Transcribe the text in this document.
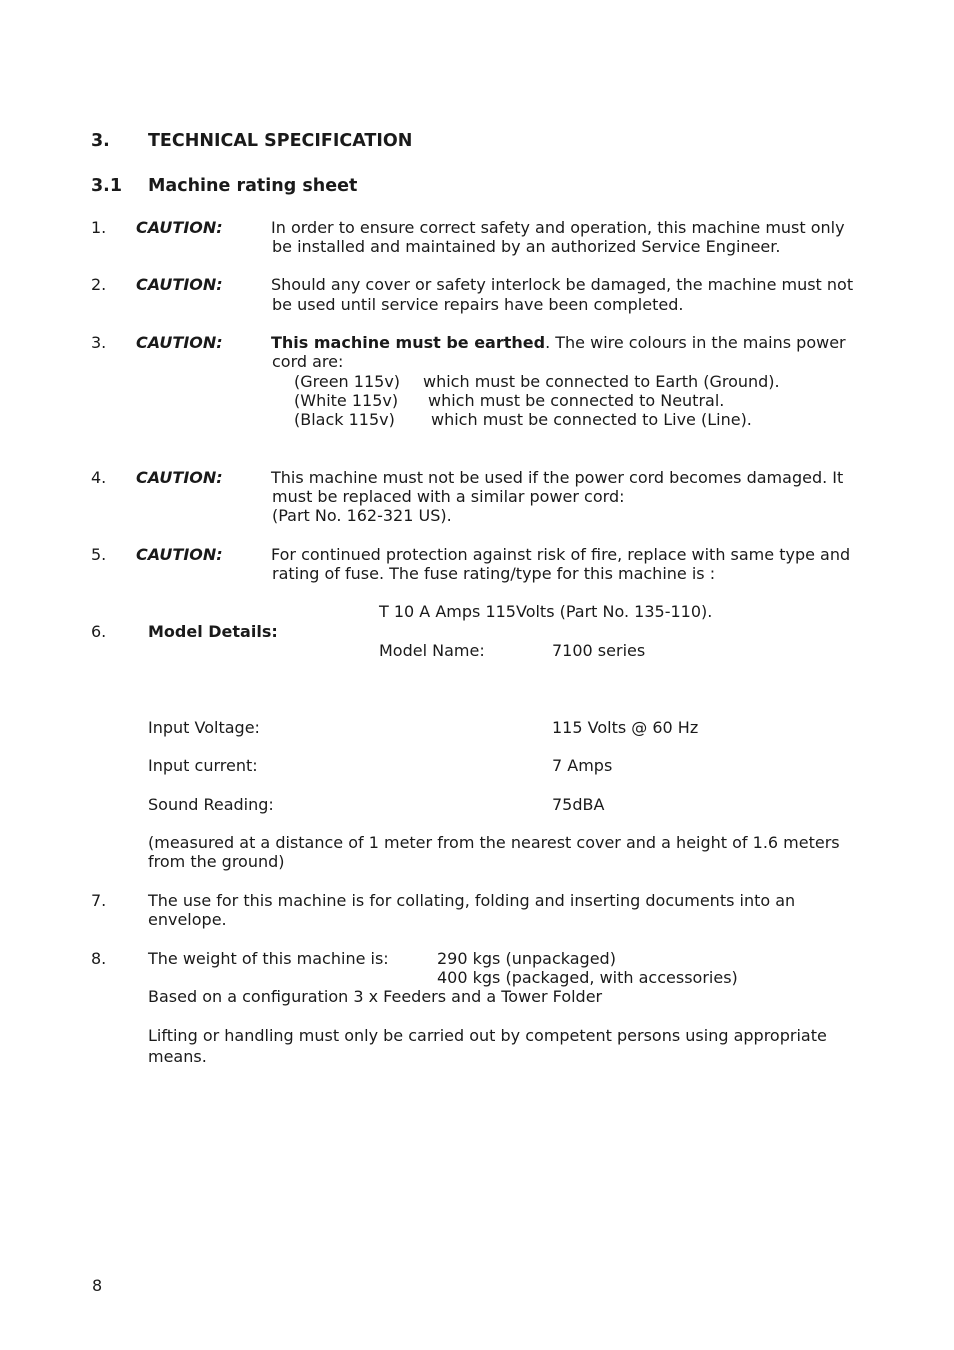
3. TECHNICAL SPECIFICATION
3.1 Machine rating sheet
1. CAUTION:	In order to ensure correct safety and operation, this machine must only
be installed and maintained by an authorized Service Engineer.
2. CAUTION:	Should any cover or safety interlock be damaged, the machine must not
be used until service repairs have been completed.
3. CAUTION:	This machine must be earthed. The wire colours in the mains power
cord are:
(Green 115v) which must be connected to Earth (Ground).
(White 115v) which must be connected to Neutral.
(Black 115v) which must be connected to Live (Line).
4. CAUTION:	This machine must not be used if the power cord becomes damaged. It
must be replaced with a similar power cord:
(Part No. 162-321 US).
5. CAUTION:	For continued protection against risk of fire, replace with same type and
rating of fuse. The fuse rating/type for this machine is :
T 10 A Amps 115Volts (Part No. 135-110).
6.	Model Details:
Model Name:	7100 series
Input Voltage:	115 Volts @ 60 Hz
Input current:	7 Amps
Sound Reading:	75dBA
(measured at a distance of 1 meter from the nearest cover and a height of 1.6 meters
from the ground)
7.	The use for this machine is for collating, folding and inserting documents into an
envelope.
8.	The weight of this machine is:	290 kgs (unpackaged)
400 kgs (packaged, with accessories)
Based on a configuration 3 x Feeders and a Tower Folder
Lifting or handling must only be carried out by competent persons using appropriate
means.
8
